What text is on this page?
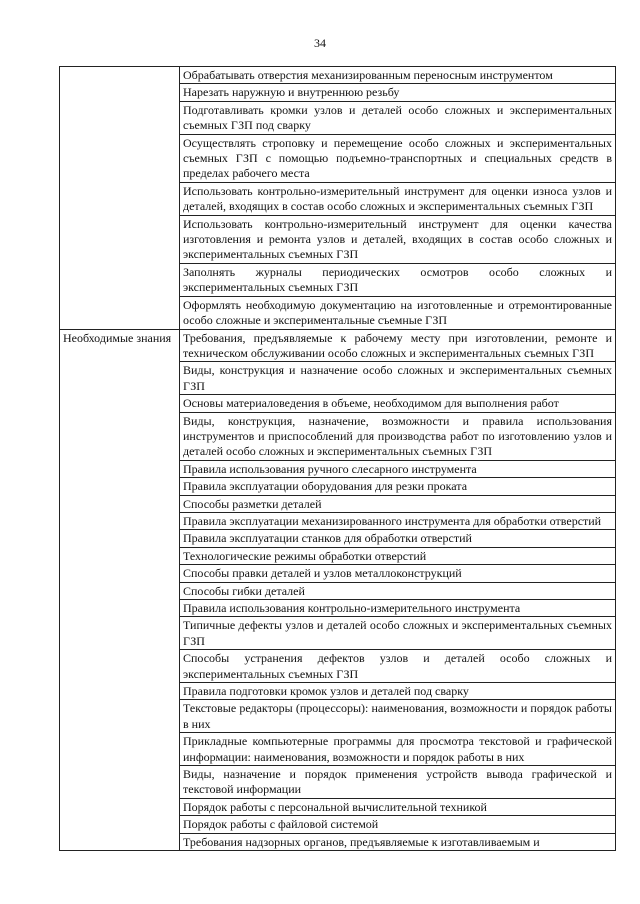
34

	Обрабатывать отверстия механизированным переносным инструментом

	Нарезать наружную и внутреннюю резьбу

	Подготавливать кромки узлов и деталей особо сложных и экспериментальных съемных ГЗП под сварку

	Осуществлять строповку и перемещение особо сложных и экспериментальных съемных ГЗП с помощью подъемно-транспортных и специальных средств в пределах рабочего места

	Использовать контрольно-измерительный инструмент для оценки износа узлов и деталей, входящих в состав особо сложных и экспериментальных съемных ГЗП

	Использовать контрольно-измерительный инструмент для оценки качества изготовления и ремонта узлов и деталей, входящих в состав особо сложных и экспериментальных съемных ГЗП

	Заполнять журналы периодических осмотров особо сложных и экспериментальных съемных ГЗП

	Оформлять необходимую документацию на изготовленные и отремонтированные особо сложные и экспериментальные съемные ГЗП

Необходимые знания	Требования, предъявляемые к рабочему месту при изготовлении, ремонте и техническом обслуживании особо сложных и экспериментальных съемных ГЗП

	Виды, конструкция и назначение особо сложных и экспериментальных съемных ГЗП

	Основы материаловедения в объеме, необходимом для выполнения работ

	Виды, конструкция, назначение, возможности и правила использования инструментов и приспособлений для производства работ по изготовлению узлов и деталей особо сложных и экспериментальных съемных ГЗП

	Правила использования ручного слесарного инструмента

	Правила эксплуатации оборудования для резки проката

	Способы разметки деталей

	Правила эксплуатации механизированного инструмента для обработки отверстий

	Правила эксплуатации станков для обработки отверстий

	Технологические режимы обработки отверстий

	Способы правки деталей и узлов металлоконструкций

	Способы гибки деталей

	Правила использования контрольно-измерительного инструмента

	Типичные дефекты узлов и деталей особо сложных и экспериментальных съемных ГЗП

	Способы устранения дефектов узлов и деталей особо сложных и экспериментальных съемных ГЗП

	Правила подготовки кромок узлов и деталей под сварку

	Текстовые редакторы (процессоры): наименования, возможности и порядок работы в них

	Прикладные компьютерные программы для просмотра текстовой и графической информации: наименования, возможности и порядок работы в них

	Виды, назначение и порядок применения устройств вывода графической и текстовой информации

	Порядок работы с персональной вычислительной техникой

	Порядок работы с файловой системой

	Требования надзорных органов, предъявляемые к изготавливаемым и
